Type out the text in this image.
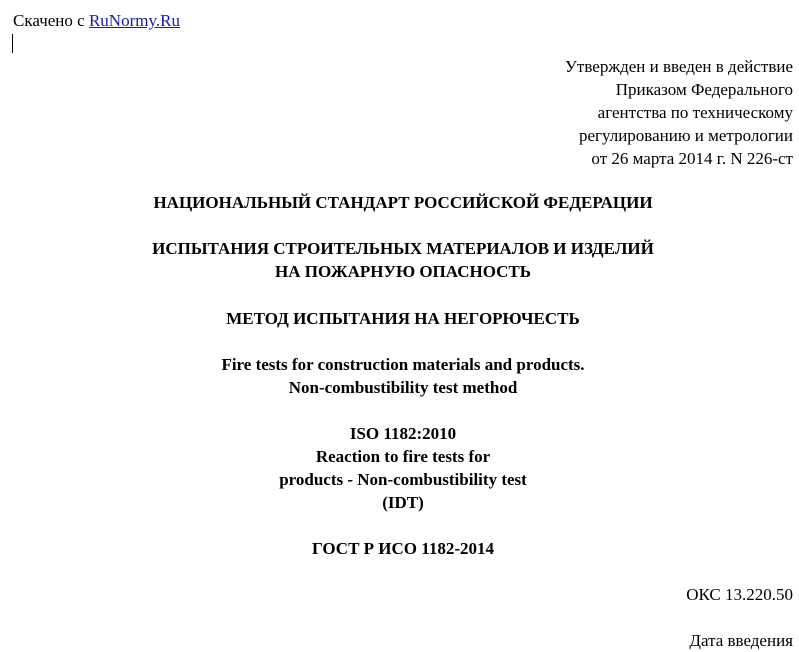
Скачено с RuNormy.Ru
Утвержден и введен в действие
Приказом Федерального
агентства по техническому
регулированию и метрологии
от 26 марта 2014 г. N 226-ст
НАЦИОНАЛЬНЫЙ СТАНДАРТ РОССИЙСКОЙ ФЕДЕРАЦИИ
ИСПЫТАНИЯ СТРОИТЕЛЬНЫХ МАТЕРИАЛОВ И ИЗДЕЛИЙ
НА ПОЖАРНУЮ ОПАСНОСТЬ
МЕТОД ИСПЫТАНИЯ НА НЕГОРЮЧЕСТЬ
Fire tests for construction materials and products.
Non-combustibility test method
ISO 1182:2010
Reaction to fire tests for
products - Non-combustibility test
(IDT)
ГОСТ Р ИСО 1182-2014
ОКС 13.220.50
Дата введения
